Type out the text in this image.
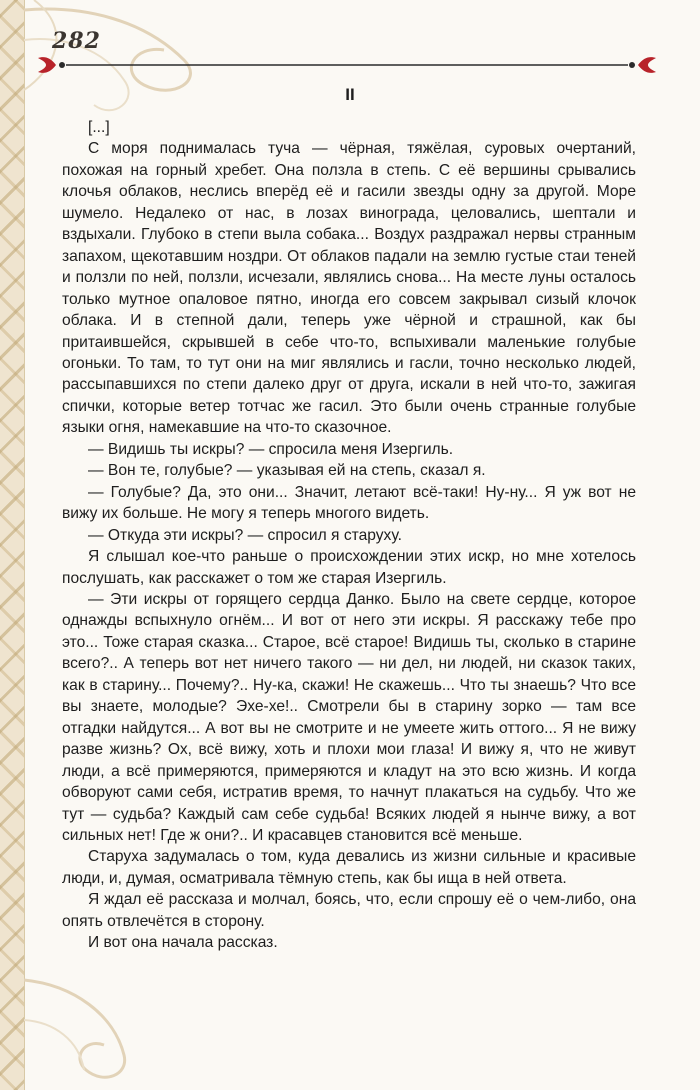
282
II

[...]

С моря поднималась туча — чёрная, тяжёлая, суровых очертаний, похожая на горный хребет. Она ползла в степь. С её вершины срывались клочья облаков, неслись вперёд её и гасили звезды одну за другой. Море шумело. Недалеко от нас, в лозах винограда, целовались, шептали и вздыхали. Глубоко в степи выла собака... Воздух раздражал нервы странным запахом, щекотавшим ноздри. От облаков падали на землю густые стаи теней и ползли по ней, ползли, исчезали, являлись снова... На месте луны осталось только мутное опаловое пятно, иногда его совсем закрывал сизый клочок облака. И в степной дали, теперь уже чёрной и страшной, как бы притаившейся, скрывшей в себе что-то, вспыхивали маленькие голубые огоньки. То там, то тут они на миг являлись и гасли, точно несколько людей, рассыпавшихся по степи далеко друг от друга, искали в ней что-то, зажигая спички, которые ветер тотчас же гасил. Это были очень странные голубые языки огня, намекавшие на что-то сказочное.

— Видишь ты искры? — спросила меня Изергиль.

— Вон те, голубые? — указывая ей на степь, сказал я.

— Голубые? Да, это они... Значит, летают всё-таки! Ну-ну... Я уж вот не вижу их больше. Не могу я теперь многого видеть.

— Откуда эти искры? — спросил я старуху.

Я слышал кое-что раньше о происхождении этих искр, но мне хотелось послушать, как расскажет о том же старая Изергиль.

— Эти искры от горящего сердца Данко. Было на свете сердце, которое однажды вспыхнуло огнём... И вот от него эти искры. Я расскажу тебе про это... Тоже старая сказка... Старое, всё старое! Видишь ты, сколько в старине всего?.. А теперь вот нет ничего такого — ни дел, ни людей, ни сказок таких, как в старину... Почему?.. Ну-ка, скажи! Не скажешь... Что ты знаешь? Что все вы знаете, молодые? Эхе-хе!.. Смотрели бы в старину зорко — там все отгадки найдутся... А вот вы не смотрите и не умеете жить оттого... Я не вижу разве жизнь? Ох, всё вижу, хоть и плохи мои глаза! И вижу я, что не живут люди, а всё примеряются, примеряются и кладут на это всю жизнь. И когда обворуют сами себя, истратив время, то начнут плакаться на судьбу. Что же тут — судьба? Каждый сам себе судьба! Всяких людей я нынче вижу, а вот сильных нет! Где ж они?.. И красавцев становится всё меньше.

Старуха задумалась о том, куда девались из жизни сильные и красивые люди, и, думая, осматривала тёмную степь, как бы ища в ней ответа.

Я ждал её рассказа и молчал, боясь, что, если спрошу её о чем-либо, она опять отвлечётся в сторону.

И вот она начала рассказ.
